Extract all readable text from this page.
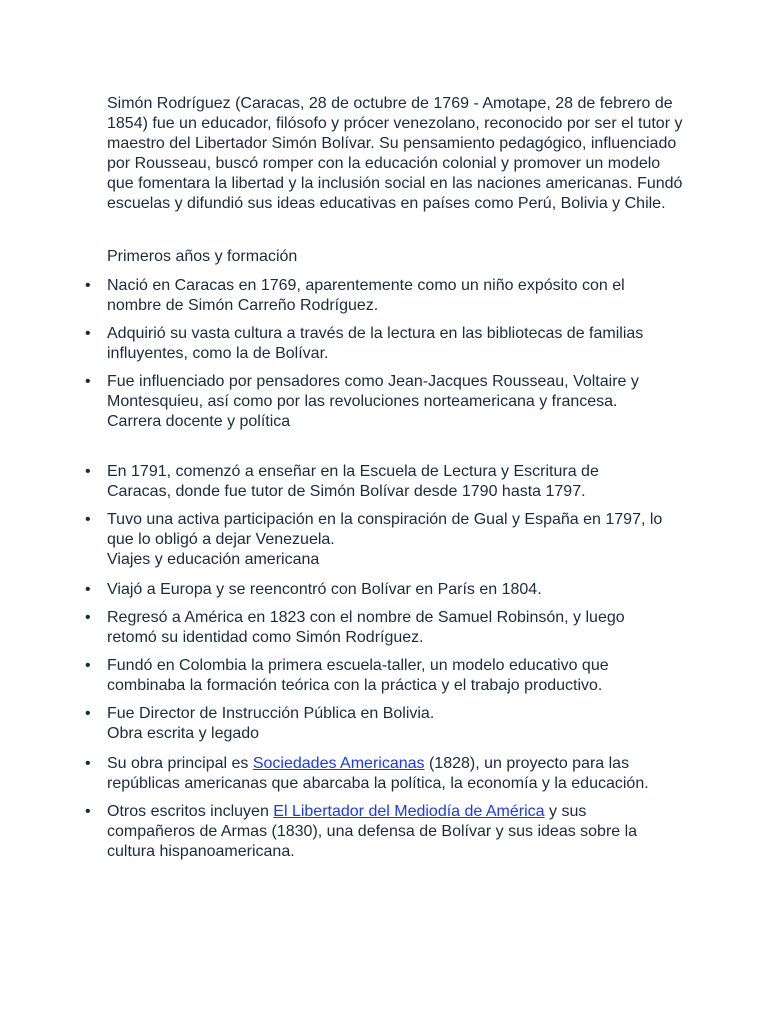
Simón Rodríguez (Caracas, 28 de octubre de 1769 - Amotape, 28 de febrero de 1854) fue un educador, filósofo y prócer venezolano, reconocido por ser el tutor y maestro del Libertador Simón Bolívar. Su pensamiento pedagógico, influenciado por Rousseau, buscó romper con la educación colonial y promover un modelo que fomentara la libertad y la inclusión social en las naciones americanas. Fundó escuelas y difundió sus ideas educativas en países como Perú, Bolivia y Chile.

Primeros años y formación

• Nació en Caracas en 1769, aparentemente como un niño expósito con el nombre de Simón Carreño Rodríguez.
• Adquirió su vasta cultura a través de la lectura en las bibliotecas de familias influyentes, como la de Bolívar.
• Fue influenciado por pensadores como Jean-Jacques Rousseau, Voltaire y Montesquieu, así como por las revoluciones norteamericana y francesa.
Carrera docente y política
• En 1791, comenzó a enseñar en la Escuela de Lectura y Escritura de Caracas, donde fue tutor de Simón Bolívar desde 1790 hasta 1797.
• Tuvo una activa participación en la conspiración de Gual y España en 1797, lo que lo obligó a dejar Venezuela.
Viajes y educación americana
• Viajó a Europa y se reencontró con Bolívar en París en 1804.
• Regresó a América en 1823 con el nombre de Samuel Robinsón, y luego retomó su identidad como Simón Rodríguez.
• Fundó en Colombia la primera escuela-taller, un modelo educativo que combinaba la formación teórica con la práctica y el trabajo productivo.
• Fue Director de Instrucción Pública en Bolivia.
Obra escrita y legado
• Su obra principal es Sociedades Americanas (1828), un proyecto para las repúblicas americanas que abarcaba la política, la economía y la educación.
• Otros escritos incluyen El Libertador del Mediodía de América y sus compañeros de Armas (1830), una defensa de Bolívar y sus ideas sobre la cultura hispanoamericana.
